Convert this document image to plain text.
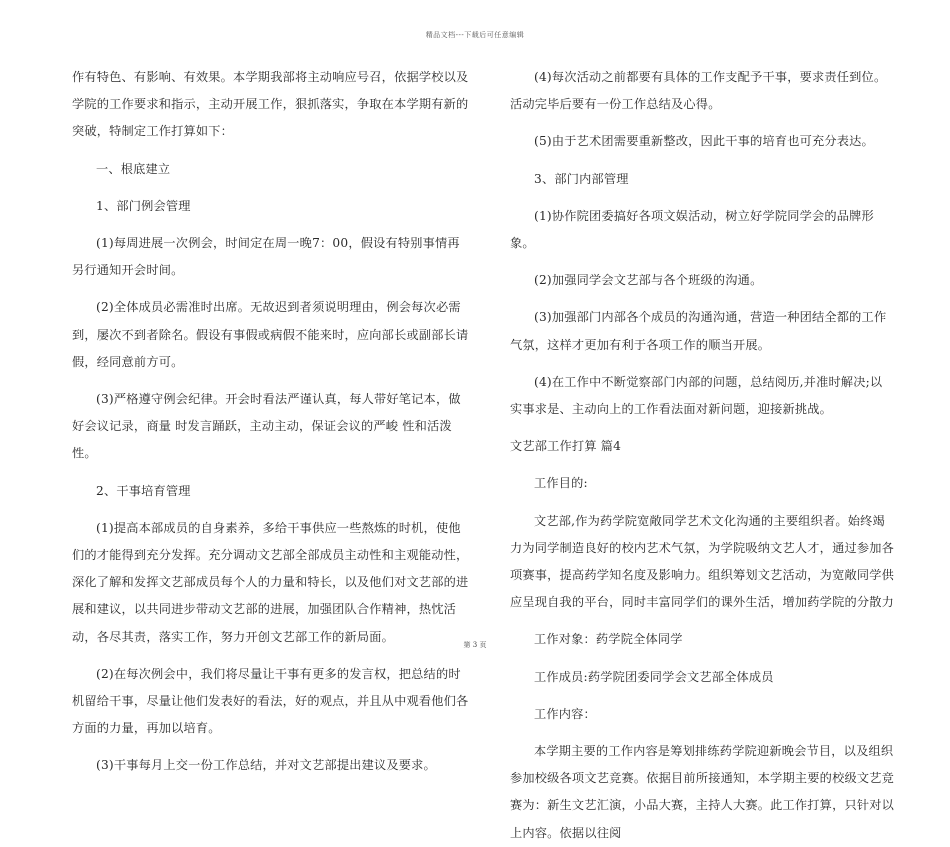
精品文档---下载后可任意编辑

作有特色、有影响、有效果。本学期我部将主动响应号召，依据学校以及学院的工作要求和指示，主动开展工作，狠抓落实，争取在本学期有新的突破，特制定工作打算如下：

一、根底建立

1、部门例会管理

(1)每周进展一次例会，时间定在周一晚7：00，假设有特别事情再另行通知开会时间。

(2)全体成员必需准时出席。无故迟到者须说明理由，例会每次必需到，屡次不到者除名。假设有事假或病假不能来时，应向部长或副部长请假，经同意前方可。

(3)严格遵守例会纪律。开会时看法严谨认真，每人带好笔记本，做好会议记录，商量 时发言踊跃，主动主动，保证会议的严峻 性和活泼性。

2、干事培育管理

(1)提高本部成员的自身素养，多给干事供应一些熬炼的时机，使他们的才能得到充分发挥。充分调动文艺部全部成员主动性和主观能动性，深化了解和发挥文艺部成员每个人的力量和特长，以及他们对文艺部的进展和建议，以共同进步带动文艺部的进展，加强团队合作精神，热忱活动，各尽其责，落实工作，努力开创文艺部工作的新局面。

(2)在每次例会中，我们将尽量让干事有更多的发言权，把总结的时机留给干事，尽量让他们发表好的看法，好的观点，并且从中观看他们各方面的力量，再加以培育。

(3)干事每月上交一份工作总结，并对文艺部提出建议及要求。

(4)每次活动之前都要有具体的工作支配予干事，要求责任到位。活动完毕后要有一份工作总结及心得。

(5)由于艺术团需要重新整改，因此干事的培育也可充分表达。

3、部门内部管理

(1)协作院团委搞好各项文娱活动，树立好学院同学会的品牌形象。

(2)加强同学会文艺部与各个班级的沟通。

(3)加强部门内部各个成员的沟通沟通，营造一种团结全都的工作气氛，这样才更加有利于各项工作的顺当开展。

(4)在工作中不断觉察部门内部的问题，总结阅历,并准时解决;以实事求是、主动向上的工作看法面对新问题，迎接新挑战。

文艺部工作打算 篇4

工作目的:

文艺部,作为药学院宽敞同学艺术文化沟通的主要组织者。始终竭力为同学制造良好的校内艺术气氛，为学院吸纳文艺人才，通过参加各项赛事，提高药学知名度及影响力。组织筹划文艺活动，为宽敞同学供应呈现自我的平台，同时丰富同学们的课外生活，增加药学院的分散力

工作对象：药学院全体同学

工作成员:药学院团委同学会文艺部全体成员

工作内容：

本学期主要的工作内容是筹划排练药学院迎新晚会节目，以及组织参加校级各项文艺竞赛。依据目前所接通知，本学期主要的校级文艺竞赛为：新生文艺汇演，小品大赛，主持人大赛。此工作打算，只针对以上内容。依据以往阅

第 3 页
